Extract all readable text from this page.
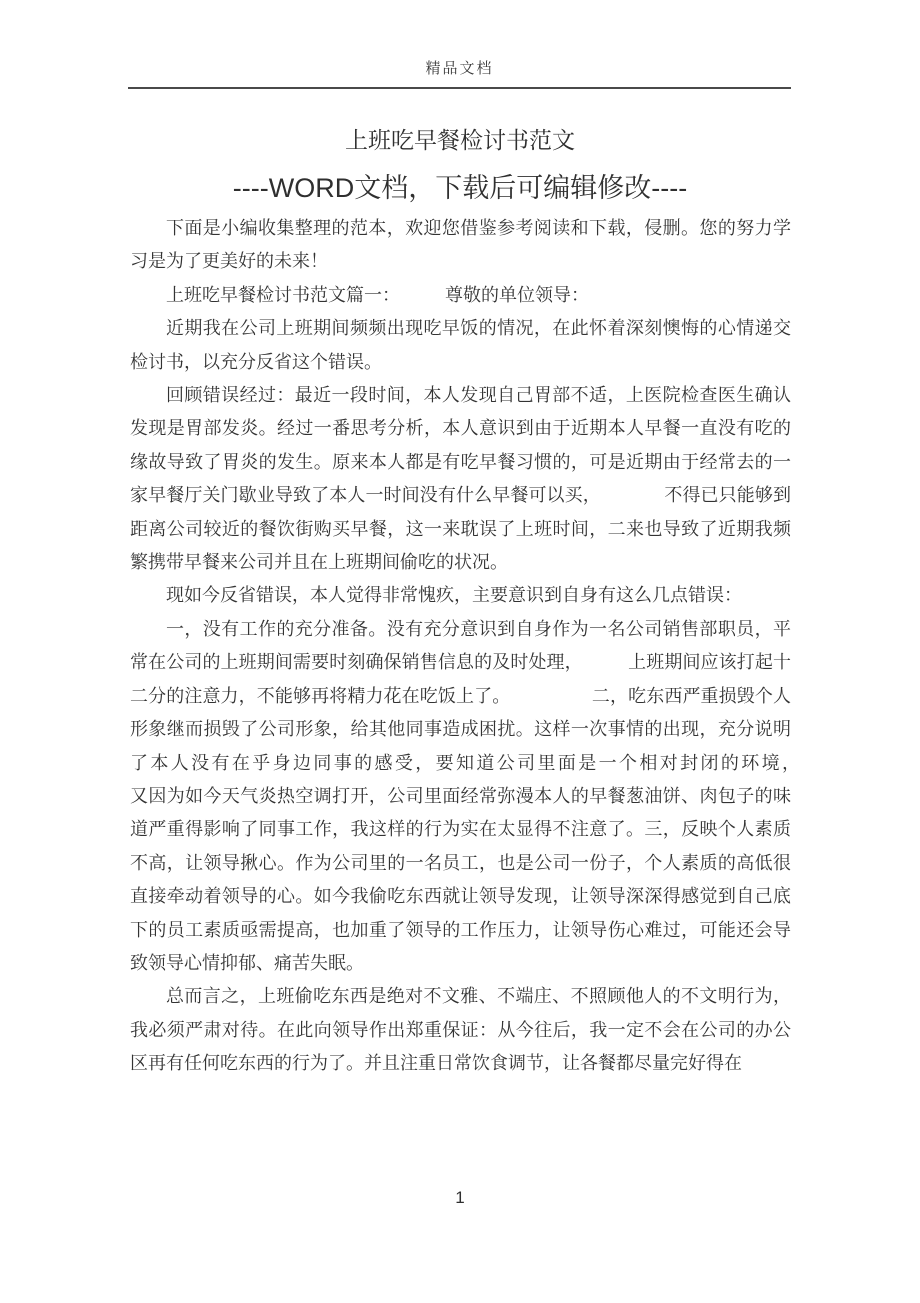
精品文档
上班吃早餐检讨书范文
----WORD文档，下载后可编辑修改----

下面是小编收集整理的范本，欢迎您借鉴参考阅读和下载，侵删。您的努力学习是为了更美好的未来！

上班吃早餐检讨书范文篇一：　　　尊敬的单位领导：

近期我在公司上班期间频频出现吃早饭的情况，在此怀着深刻懊悔的心情递交检讨书，以充分反省这个错误。

回顾错误经过：最近一段时间，本人发现自己胃部不适，上医院检查医生确认发现是胃部发炎。经过一番思考分析，本人意识到由于近期本人早餐一直没有吃的缘故导致了胃炎的发生。原来本人都是有吃早餐习惯的，可是近期由于经常去的一家早餐厅关门歇业导致了本人一时间没有什么早餐可以买，　　　　不得已只能够到距离公司较近的餐饮街购买早餐，这一来耽误了上班时间，二来也导致了近期我频繁携带早餐来公司并且在上班期间偷吃的状况。

现如今反省错误，本人觉得非常愧疚，主要意识到自身有这么几点错误：

一，没有工作的充分准备。没有充分意识到自身作为一名公司销售部职员，平常在公司的上班期间需要时刻确保销售信息的及时处理，　　　上班期间应该打起十二分的注意力，不能够再将精力花在吃饭上了。　　　　　二，吃东西严重损毁个人形象继而损毁了公司形象，给其他同事造成困扰。这样一次事情的出现，充分说明了本人没有在乎身边同事的感受，要知道公司里面是一个相对封闭的环境，　　　　又因为如今天气炎热空调打开，公司里面经常弥漫本人的早餐葱油饼、肉包子的味道严重得影响了同事工作，我这样的行为实在太显得不注意了。三，反映个人素质不高，让领导揪心。作为公司里的一名员工，也是公司一份子，个人素质的高低很直接牵动着领导的心。如今我偷吃东西就让领导发现，让领导深深得感觉到自己底下的员工素质亟需提高，也加重了领导的工作压力，让领导伤心难过，可能还会导致领导心情抑郁、痛苦失眠。

总而言之，上班偷吃东西是绝对不文雅、不端庄、不照顾他人的不文明行为，我必须严肃对待。在此向领导作出郑重保证：从今往后，我一定不会在公司的办公区再有任何吃东西的行为了。并且注重日常饮食调节，让各餐都尽量完好得在

1
